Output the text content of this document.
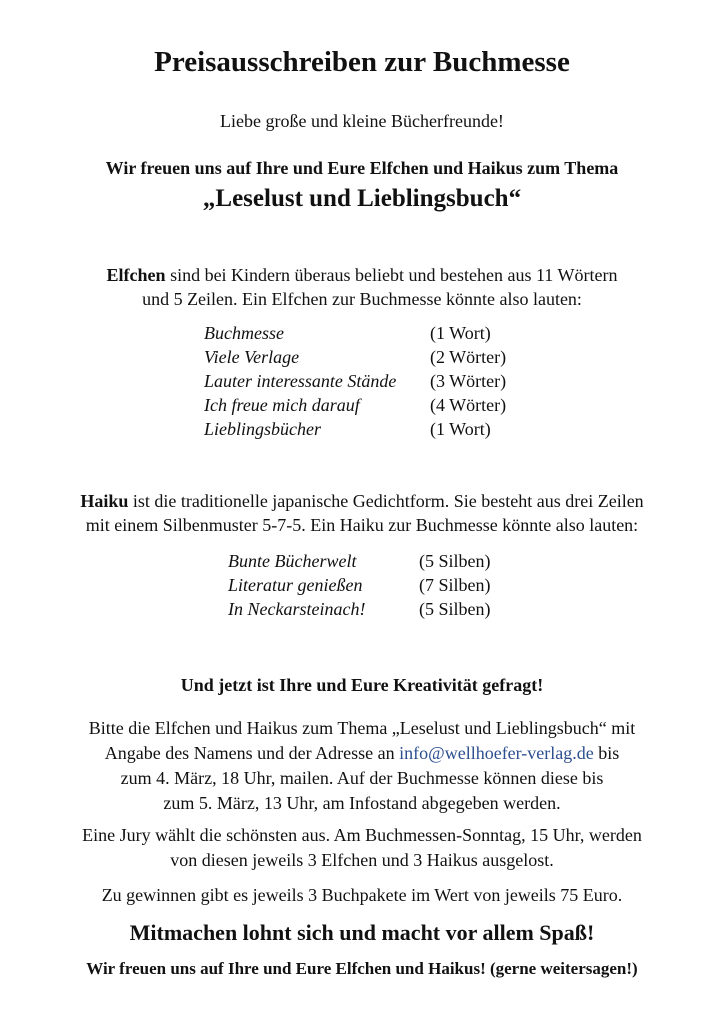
Preisausschreiben zur Buchmesse
Liebe große und kleine Bücherfreunde!
Wir freuen uns auf Ihre und Eure Elfchen und Haikus zum Thema
„Leselust und Lieblingsbuch“
Elfchen sind bei Kindern überaus beliebt und bestehen aus 11 Wörtern
und 5 Zeilen. Ein Elfchen zur Buchmesse könnte also lauten:
Buchmesse	(1 Wort)
Viele Verlage	(2 Wörter)
Lauter interessante Stände	(3 Wörter)
Ich freue mich darauf	(4 Wörter)
Lieblingsbücher	(1 Wort)
Haiku ist die traditionelle japanische Gedichtform. Sie besteht aus drei Zeilen
mit einem Silbenmuster 5-7-5. Ein Haiku zur Buchmesse könnte also lauten:
Bunte Bücherwelt	(5 Silben)
Literatur genießen	(7 Silben)
In Neckarsteinach!	(5 Silben)
Und jetzt ist Ihre und Eure Kreativität gefragt!
Bitte die Elfchen und Haikus zum Thema „Leselust und Lieblingsbuch“ mit
Angabe des Namens und der Adresse an info@wellhoefer-verlag.de bis
zum 4. März, 18 Uhr, mailen. Auf der Buchmesse können diese bis
zum 5. März, 13 Uhr, am Infostand abgegeben werden.
Eine Jury wählt die schönsten aus. Am Buchmessen-Sonntag, 15 Uhr, werden
von diesen jeweils 3 Elfchen und 3 Haikus ausgelost.
Zu gewinnen gibt es jeweils 3 Buchpakete im Wert von jeweils 75 Euro.
Mitmachen lohnt sich und macht vor allem Spaß!
Wir freuen uns auf Ihre und Eure Elfchen und Haikus! (gerne weitersagen!)
